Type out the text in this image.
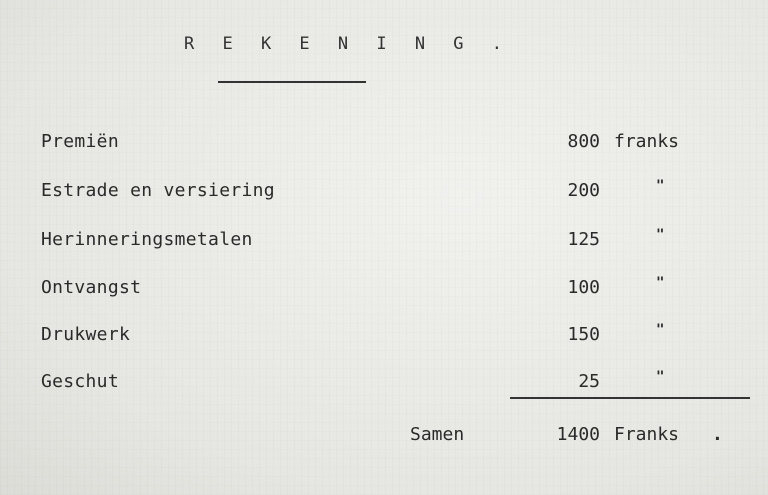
R E K E N I N G .
Premiën	800 franks
Estrade en versiering	200	"
Herinneringsmetalen	125	"
Ontvangst	100	"
Drukwerk	150	"
Geschut	25	"
Samen	1400 Franks .
